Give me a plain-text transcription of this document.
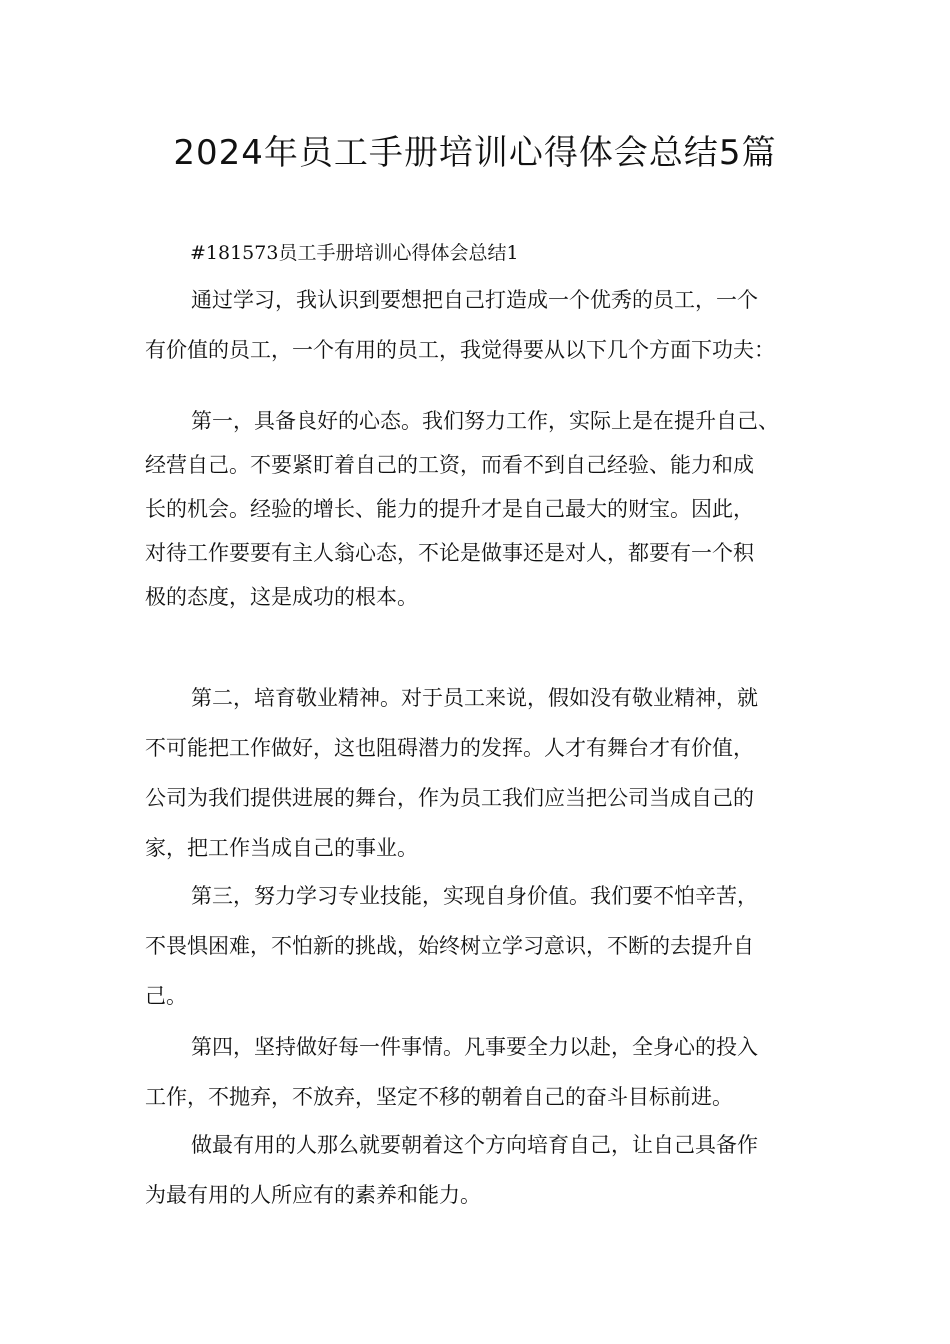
2024年员工手册培训心得体会总结5篇
#181573员工手册培训心得体会总结1
通过学习，我认识到要想把自己打造成一个优秀的员工，一个
有价值的员工，一个有用的员工，我觉得要从以下几个方面下功夫：
第一，具备良好的心态。我们努力工作，实际上是在提升自己、
经营自己。不要紧盯着自己的工资，而看不到自己经验、能力和成
长的机会。经验的增长、能力的提升才是自己最大的财宝。因此，
对待工作要要有主人翁心态，不论是做事还是对人，都要有一个积
极的态度，这是成功的根本。
第二，培育敬业精神。对于员工来说，假如没有敬业精神，就
不可能把工作做好，这也阻碍潜力的发挥。人才有舞台才有价值，
公司为我们提供进展的舞台，作为员工我们应当把公司当成自己的
家，把工作当成自己的事业。
第三，努力学习专业技能，实现自身价值。我们要不怕辛苦，
不畏惧困难，不怕新的挑战，始终树立学习意识，不断的去提升自
己。
第四，坚持做好每一件事情。凡事要全力以赴，全身心的投入
工作，不抛弃，不放弃，坚定不移的朝着自己的奋斗目标前进。
做最有用的人那么就要朝着这个方向培育自己，让自己具备作
为最有用的人所应有的素养和能力。
